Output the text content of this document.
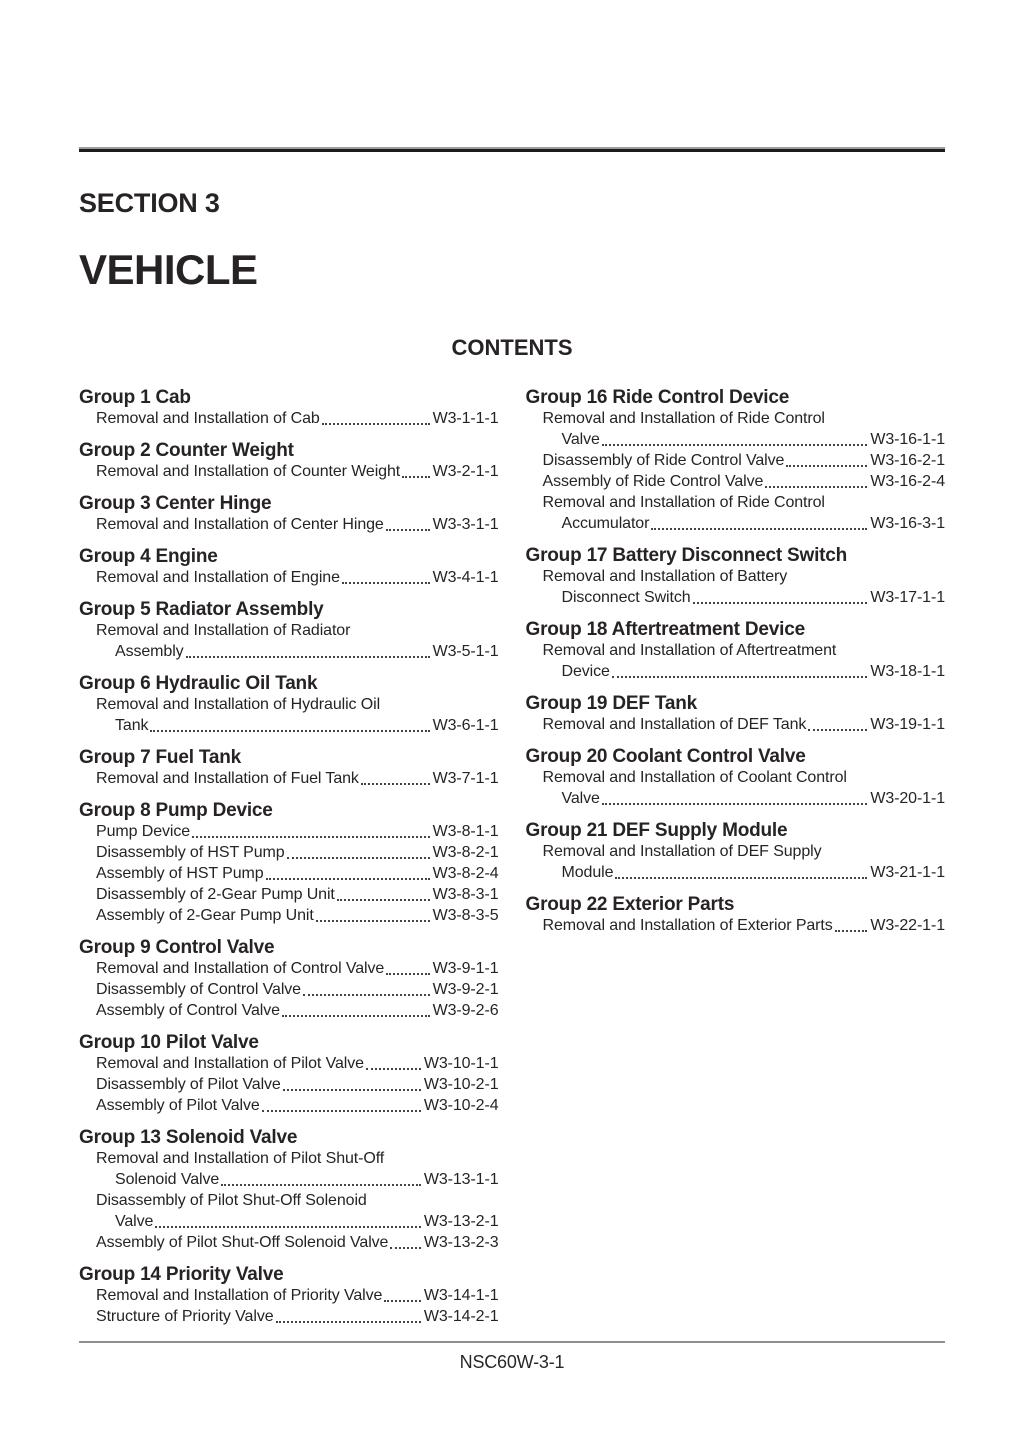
SECTION 3
VEHICLE
CONTENTS
Group 1 Cab
Removal and Installation of Cab	W3-1-1-1
Group 2 Counter Weight
Removal and Installation of Counter Weight W3-2-1-1
Group 3 Center Hinge
Removal and Installation of Center Hinge	W3-3-1-1
Group 4 Engine
Removal and Installation of Engine	W3-4-1-1
Group 5 Radiator Assembly
Removal and Installation of Radiator
Assembly	W3-5-1-1
Group 6 Hydraulic Oil Tank
Removal and Installation of Hydraulic Oil
Tank	W3-6-1-1
Group 7 Fuel Tank
Removal and Installation of Fuel Tank	W3-7-1-1
Group 8 Pump Device
Pump Device	W3-8-1-1
Disassembly of HST Pump	W3-8-2-1
Assembly of HST Pump	W3-8-2-4
Disassembly of 2-Gear Pump Unit	W3-8-3-1
Assembly of 2-Gear Pump Unit	W3-8-3-5
Group 9 Control Valve
Removal and Installation of Control Valve	W3-9-1-1
Disassembly of Control Valve	W3-9-2-1
Assembly of Control Valve	W3-9-2-6
Group 10 Pilot Valve
Removal and Installation of Pilot Valve	W3-10-1-1
Disassembly of Pilot Valve	W3-10-2-1
Assembly of Pilot Valve	W3-10-2-4
Group 13 Solenoid Valve
Removal and Installation of Pilot Shut-Off
Solenoid Valve	W3-13-1-1
Disassembly of Pilot Shut-Off Solenoid
Valve	W3-13-2-1
Assembly of Pilot Shut-Off Solenoid Valve W3-13-2-3
Group 14 Priority Valve
Removal and Installation of Priority Valve	W3-14-1-1
Structure of Priority Valve	W3-14-2-1
Group 16 Ride Control Device
Removal and Installation of Ride Control
Valve	W3-16-1-1
Disassembly of Ride Control Valve	W3-16-2-1
Assembly of Ride Control Valve	W3-16-2-4
Removal and Installation of Ride Control
Accumulator	W3-16-3-1
Group 17 Battery Disconnect Switch
Removal and Installation of Battery
Disconnect Switch	W3-17-1-1
Group 18 Aftertreatment Device
Removal and Installation of Aftertreatment
Device	W3-18-1-1
Group 19 DEF Tank
Removal and Installation of DEF Tank	W3-19-1-1
Group 20 Coolant Control Valve
Removal and Installation of Coolant Control
Valve	W3-20-1-1
Group 21 DEF Supply Module
Removal and Installation of DEF Supply
Module	W3-21-1-1
Group 22 Exterior Parts
Removal and Installation of Exterior Parts W3-22-1-1
NSC60W-3-1
